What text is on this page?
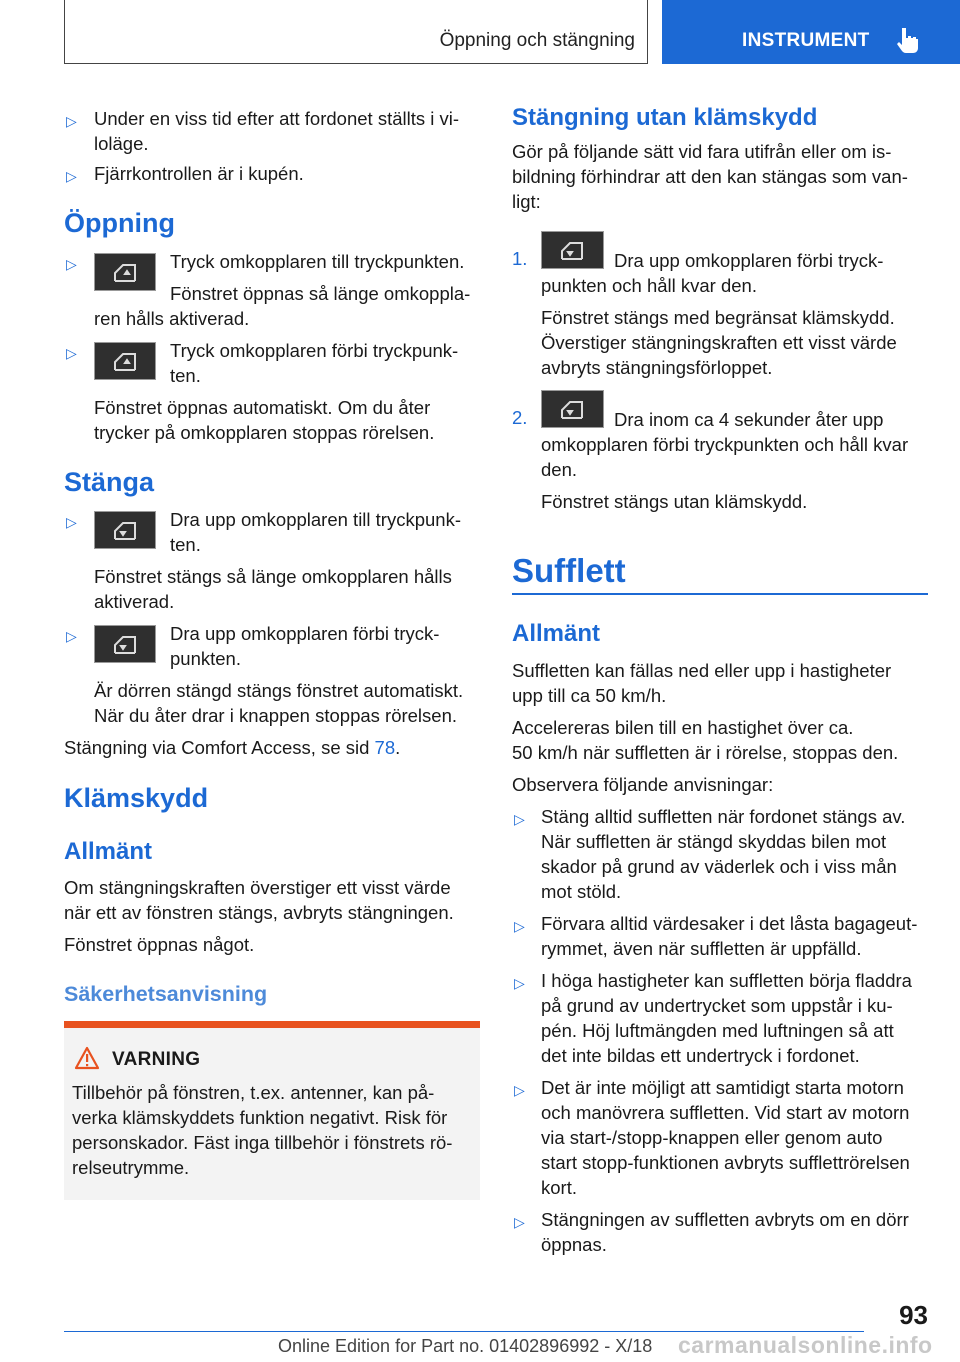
Öppning och stängning	INSTRUMENT
▷ Under en viss tid efter att fordonet ställts i vi-
loläge.
▷ Fjärrkontrollen är i kupén.
Öppning
▷	Tryck omkopplaren till tryckpunkten.
Fönstret öppnas så länge omkoppla-
ren hålls aktiverad.
▷	Tryck omkopplaren förbi tryckpunk-
ten.
Fönstret öppnas automatiskt. Om du åter
trycker på omkopplaren stoppas rörelsen.
Stänga
▷	Dra upp omkopplaren till tryckpunk-
ten.
Fönstret stängs så länge omkopplaren hålls
aktiverad.
▷	Dra upp omkopplaren förbi tryck-
punkten.
Är dörren stängd stängs fönstret automatiskt.
När du åter drar i knappen stoppas rörelsen.
Stängning via Comfort Access, se sid 78.
Klämskydd
Allmänt
Om stängningskraften överstiger ett visst värde
när ett av fönstren stängs, avbryts stängningen.
Fönstret öppnas något.
Säkerhetsanvisning
VARNING
Tillbehör på fönstren, t.ex. antenner, kan på-
verka klämskyddets funktion negativt. Risk för
personskador. Fäst inga tillbehör i fönstrets rö-
relseutrymme.
Stängning utan klämskydd
Gör på följande sätt vid fara utifrån eller om is-
bildning förhindrar att den kan stängas som van-
ligt:
1.	Dra upp omkopplaren förbi tryck-
punkten och håll kvar den.
Fönstret stängs med begränsat klämskydd.
Överstiger stängningskraften ett visst värde
avbryts stängningsförloppet.
2.	Dra inom ca 4 sekunder åter upp
omkopplaren förbi tryckpunkten och håll kvar
den.
Fönstret stängs utan klämskydd.
Sufflett
Allmänt
Suffletten kan fällas ned eller upp i hastigheter
upp till ca 50 km/h.
Accelereras bilen till en hastighet över ca.
50 km/h när suffletten är i rörelse, stoppas den.
Observera följande anvisningar:
▷ Stäng alltid suffletten när fordonet stängs av.
När suffletten är stängd skyddas bilen mot
skador på grund av väderlek och i viss mån
mot stöld.
▷ Förvara alltid värdesaker i det låsta bagageut-
rymmet, även när suffletten är uppfälld.
▷ I höga hastigheter kan suffletten börja fladdra
på grund av undertrycket som uppstår i ku-
pén. Höj luftmängden med luftningen så att
det inte bildas ett undertryck i fordonet.
▷ Det är inte möjligt att samtidigt starta motorn
och manövrera suffletten. Vid start av motorn
via start-/stopp-knappen eller genom auto
start stopp-funktionen avbryts sufflettrörelsen
kort.
▷ Stängningen av suffletten avbryts om en dörr
öppnas.
93
Online Edition for Part no. 01402896992 - X/18 carmanualsonline.info
